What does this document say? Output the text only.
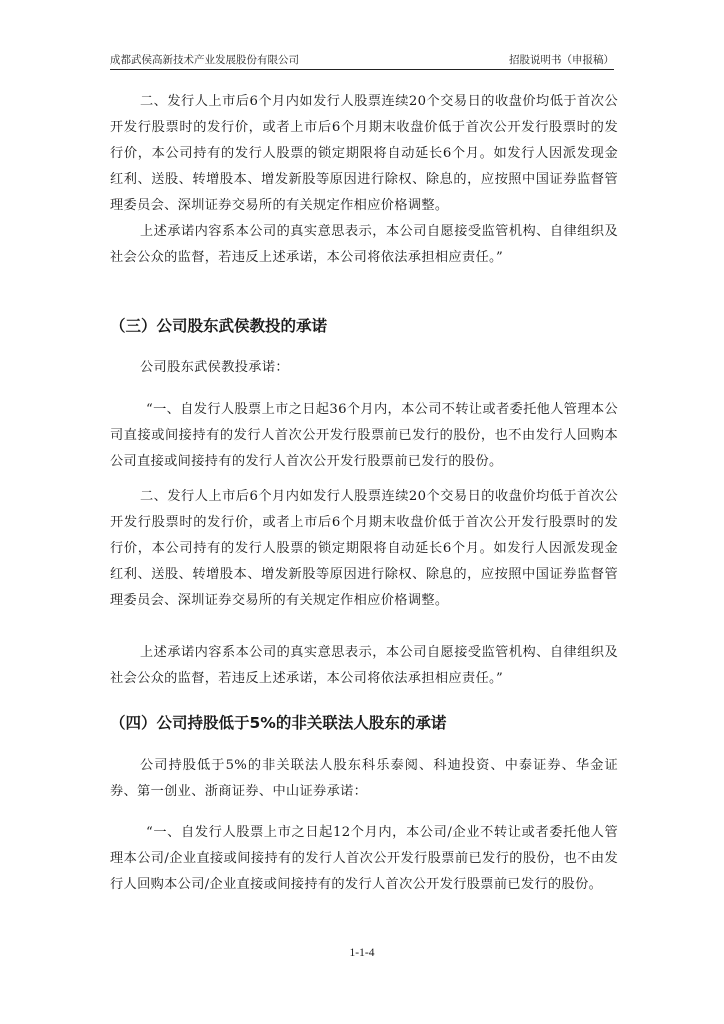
成都武侯高新技术产业发展股份有限公司	招股说明书（申报稿）

二、发行人上市后6个月内如发行人股票连续20个交易日的收盘价均低于首次公开发行股票时的发行价，或者上市后6个月期末收盘价低于首次公开发行股票时的发行价，本公司持有的发行人股票的锁定期限将自动延长6个月。如发行人因派发现金红利、送股、转增股本、增发新股等原因进行除权、除息的，应按照中国证券监督管理委员会、深圳证券交易所的有关规定作相应价格调整。

上述承诺内容系本公司的真实意思表示，本公司自愿接受监管机构、自律组织及社会公众的监督，若违反上述承诺，本公司将依法承担相应责任。”

（三）公司股东武侯教投的承诺

公司股东武侯教投承诺：

“一、自发行人股票上市之日起36个月内，本公司不转让或者委托他人管理本公司直接或间接持有的发行人首次公开发行股票前已发行的股份，也不由发行人回购本公司直接或间接持有的发行人首次公开发行股票前已发行的股份。

二、发行人上市后6个月内如发行人股票连续20个交易日的收盘价均低于首次公开发行股票时的发行价，或者上市后6个月期末收盘价低于首次公开发行股票时的发行价，本公司持有的发行人股票的锁定期限将自动延长6个月。如发行人因派发现金红利、送股、转增股本、增发新股等原因进行除权、除息的，应按照中国证券监督管理委员会、深圳证券交易所的有关规定作相应价格调整。

上述承诺内容系本公司的真实意思表示，本公司自愿接受监管机构、自律组织及社会公众的监督，若违反上述承诺，本公司将依法承担相应责任。”

（四）公司持股低于5%的非关联法人股东的承诺

公司持股低于5%的非关联法人股东科乐泰阅、科迪投资、中泰证券、华金证券、第一创业、浙商证券、中山证券承诺：

“一、自发行人股票上市之日起12个月内，本公司/企业不转让或者委托他人管理本公司/企业直接或间接持有的发行人首次公开发行股票前已发行的股份，也不由发行人回购本公司/企业直接或间接持有的发行人首次公开发行股票前已发行的股份。

1-1-4
